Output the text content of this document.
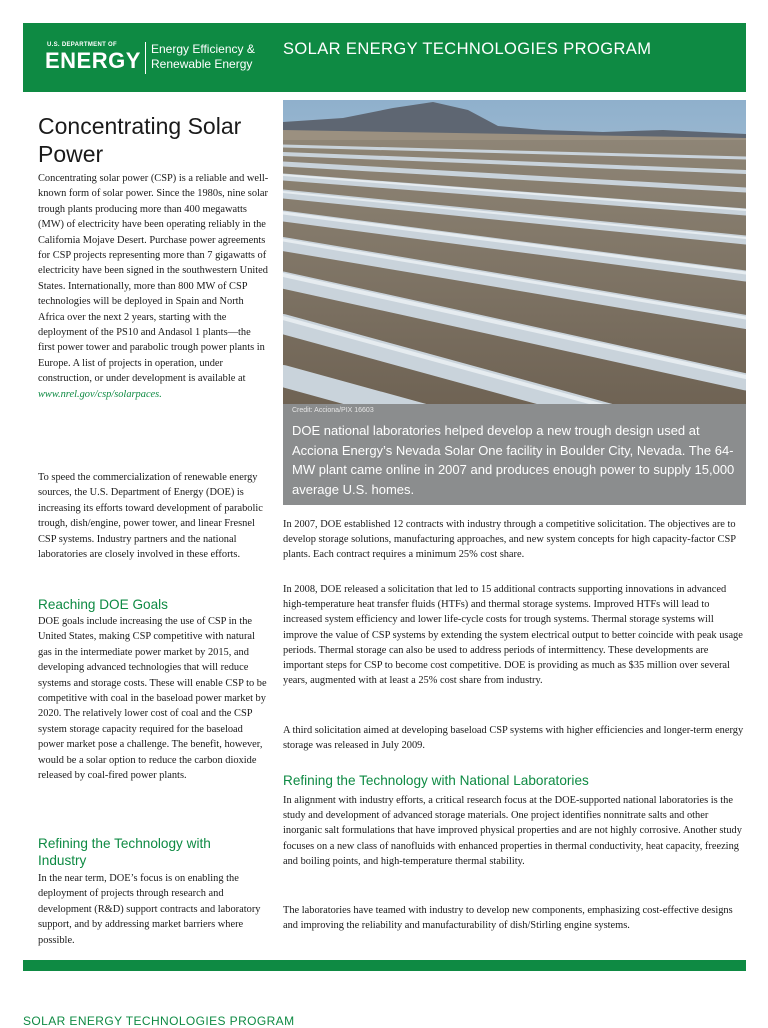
U.S. DEPARTMENT OF
ENERGY Energy Efficiency &
Renewable Energy
SOLAR ENERGY TECHNOLOGIES PROGRAM
Credit: Acciona/PIX 16603
DOE national laboratories helped develop a new trough design used at Acciona Energy’s Nevada Solar One facility in Boulder City, Nevada. The 64-MW plant came online in 2007 and produces enough power to supply 15,000 average U.S. homes.
Concentrating Solar Power

Concentrating solar power (CSP) is a reliable and well-known form of solar power. Since the 1980s, nine solar trough plants producing more than 400 megawatts (MW) of electricity have been operating reliably in the California Mojave Desert. Purchase power agreements for CSP projects representing more than 7 gigawatts of electricity have been signed in the southwestern United States. Internationally, more than 800 MW of CSP technologies will be deployed in Spain and North Africa over the next 2 years, starting with the deployment of the PS10 and Andasol 1 plants—the first power tower and parabolic trough power plants in Europe. A list of projects in operation, under construction, or under development is available at www.nrel.gov/csp/solarpaces.

To speed the commercialization of renewable energy sources, the U.S. Department of Energy (DOE) is increasing its efforts toward development of parabolic trough, dish/engine, power tower, and linear Fresnel CSP systems. Industry partners and the national laboratories are closely involved in these efforts.

Reaching DOE Goals

DOE goals include increasing the use of CSP in the United States, making CSP competitive with natural gas in the intermediate power market by 2015, and developing advanced technologies that will reduce systems and storage costs. These will enable CSP to be competitive with coal in the baseload power market by 2020. The relatively lower cost of coal and the CSP system storage capacity required for the baseload power market pose a challenge. The benefit, however, would be a solar option to reduce the carbon dioxide released by coal-fired power plants.

Refining the Technology with Industry

In the near term, DOE’s focus is on enabling the deployment of projects through research and development (R&D) support contracts and laboratory support, and by addressing market barriers where possible.

In 2007, DOE established 12 contracts with industry through a competitive solicitation. The objectives are to develop storage solutions, manufacturing approaches, and new system concepts for high capacity-factor CSP plants. Each contract requires a minimum 25% cost share.

In 2008, DOE released a solicitation that led to 15 additional contracts supporting innovations in advanced high-temperature heat transfer fluids (HTFs) and thermal storage systems. Improved HTFs will lead to increased system efficiency and lower life-cycle costs for trough systems. Thermal storage systems will improve the value of CSP systems by extending the system electrical output to better coincide with peak usage periods. Thermal storage can also be used to address periods of intermittency. These developments are important steps for CSP to become cost competitive. DOE is providing as much as $35 million over several years, augmented with at least a 25% cost share from industry.

A third solicitation aimed at developing baseload CSP systems with higher efficiencies and longer-term energy storage was released in July 2009.

Refining the Technology with National Laboratories

In alignment with industry efforts, a critical research focus at the DOE-supported national laboratories is the study and development of advanced storage materials. One project identifies nonnitrate salts and other inorganic salt formulations that have improved physical properties and are not highly corrosive. Another study focuses on a new class of nanofluids with enhanced properties in thermal conductivity, heat capacity, freezing and boiling points, and high-temperature thermal stability.

The laboratories have teamed with industry to develop new components, emphasizing cost-effective designs and improving the reliability and manufacturability of dish/Stirling engine systems.

SOLAR ENERGY TECHNOLOGIES PROGRAM
